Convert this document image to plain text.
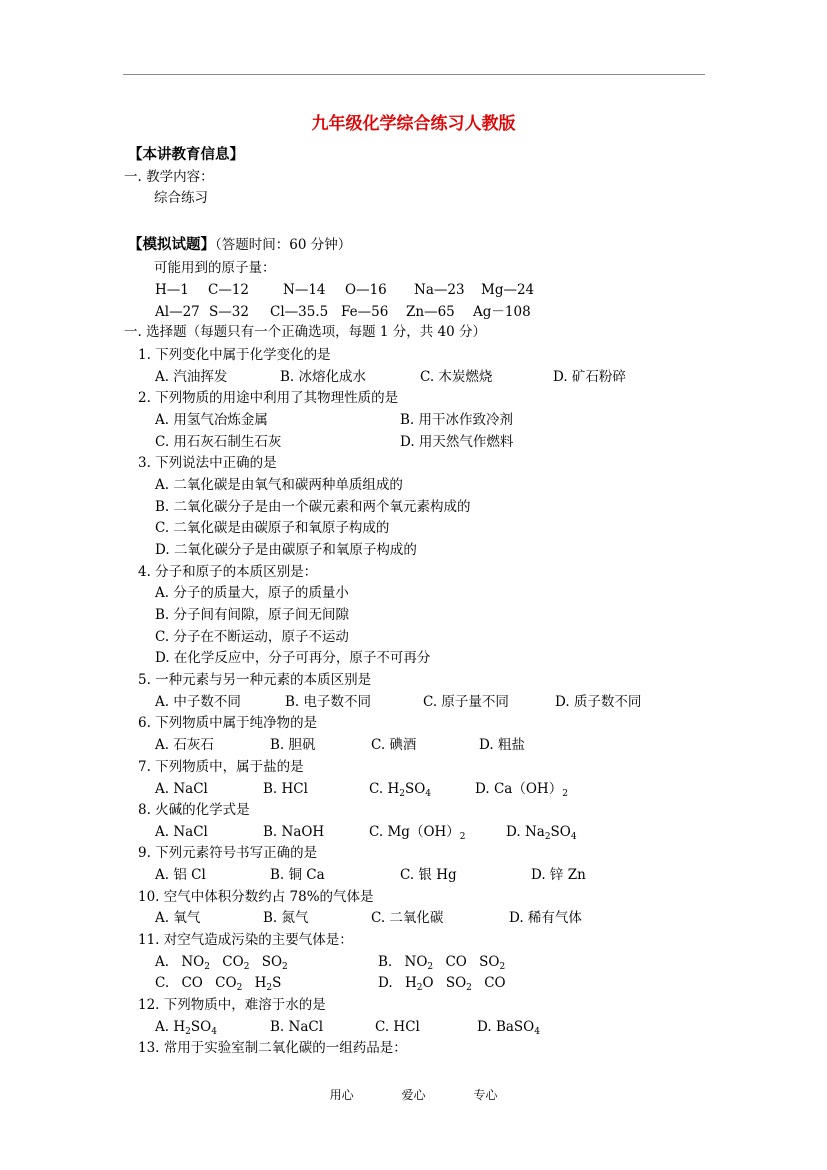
九年级化学综合练习人教版
【本讲教育信息】
一. 教学内容：
综合练习
【模拟试题】（答题时间：60 分钟）
可能用到的原子量：
H—1 C—12	N—14 O—16 Na—23 Mg—24
Al—27 S—32 Cl—35.5 Fe—56 Zn—65 Ag－108
一. 选择题（每题只有一个正确选项，每题 1 分，共 40 分）
1. 下列变化中属于化学变化的是
A. 汽油挥发	B. 冰熔化成水	C. 木炭燃烧	D. 矿石粉碎
2. 下列物质的用途中利用了其物理性质的是
A. 用氢气冶炼金属	B. 用干冰作致冷剂
C. 用石灰石制生石灰	D. 用天然气作燃料
3. 下列说法中正确的是
A. 二氧化碳是由氧气和碳两种单质组成的
B. 二氧化碳分子是由一个碳元素和两个氧元素构成的
C. 二氧化碳是由碳原子和氧原子构成的
D. 二氧化碳分子是由碳原子和氧原子构成的
4. 分子和原子的本质区别是：
A. 分子的质量大，原子的质量小
B. 分子间有间隙，原子间无间隙
C. 分子在不断运动，原子不运动
D. 在化学反应中，分子可再分，原子不可再分
5. 一种元素与另一种元素的本质区别是
A. 中子数不同	B. 电子数不同	C. 原子量不同	D. 质子数不同
6. 下列物质中属于纯净物的是
A. 石灰石	B. 胆矾	C. 碘酒	D. 粗盐
7. 下列物质中，属于盐的是
A. NaCl	B. HCl	C. $H_2SO_4$	D. $Ca(OH)_2$
8. 火碱的化学式是
A. NaCl	B. NaOH	C. $Mg(OH)_2$	D. $Na_2SO_4$
9. 下列元素符号书写正确的是
A. 铝 Cl	B. 铜 Ca	C. 银 Hg	D. 锌 Zn
10. 空气中体积分数约占 78%的气体是
A. 氧气	B. 氮气	C. 二氧化碳	D. 稀有气体
11. 对空气造成污染的主要气体是：
A. $NO_2$ $CO_2$ $SO_2$	B. $NO_2$ CO $SO_2$
C. CO $CO_2$ $H_2S$	D. $H_2O$ $SO_2$ CO
12. 下列物质中，难溶于水的是
A. $H_2SO_4$	B. NaCl	C. HCl	D. BaSO$_4$
13. 常用于实验室制二氧化碳的一组药品是：
用心	爱心	专心
